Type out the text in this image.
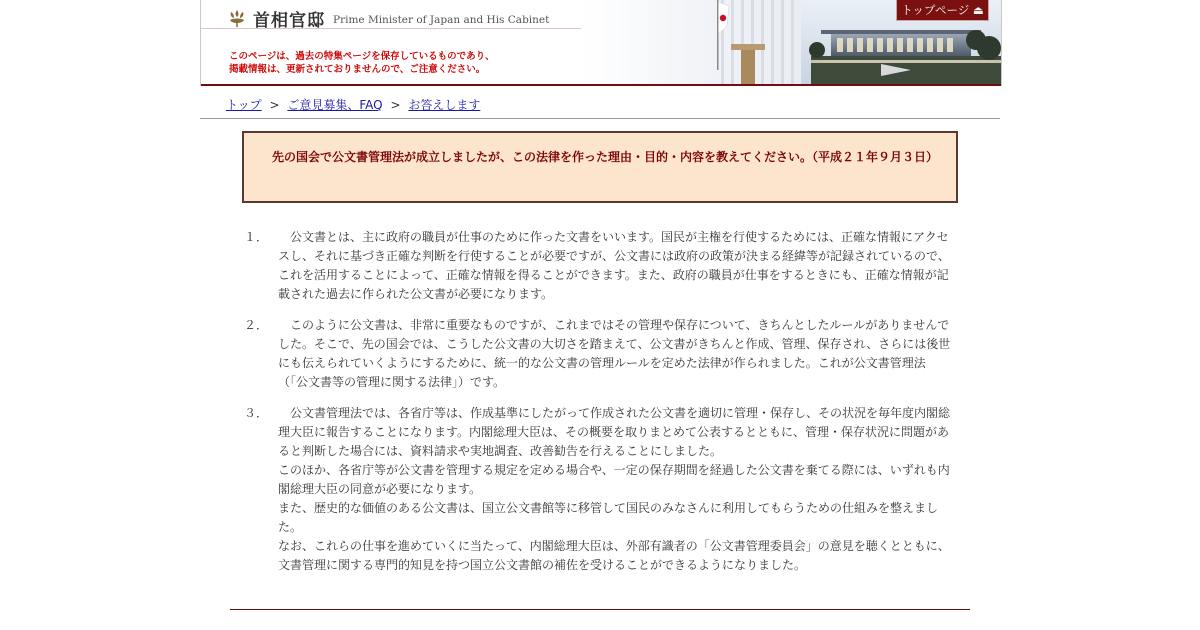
首相官邸 Prime Minister of Japan and His Cabinet
このページは、過去の特集ページを保存しているものであり、
掲載情報は、更新されておりませんので、ご注意ください。
トップページ ⏏
トップ > ご意見募集、FAQ > お答えします

先の国会で公文書管理法が成立しましたが、この法律を作った理由・目的・内容を教えてください。（平成２１年９月３日）

１．	公文書とは、主に政府の職員が仕事のために作った文書をいいます。国民が主権を行使するためには、正確な情報にアクセスし、それに基づき正確な判断を行使することが必要ですが、公文書には政府の政策が決まる経緯等が記録されているので、これを活用することによって、正確な情報を得ることができます。また、政府の職員が仕事をするときにも、正確な情報が記載された過去に作られた公文書が必要になります。

２．	このように公文書は、非常に重要なものですが、これまではその管理や保存について、きちんとしたルールがありませんでした。そこで、先の国会では、こうした公文書の大切さを踏まえて、公文書がきちんと作成、管理、保存され、さらには後世にも伝えられていくようにするために、統一的な公文書の管理ルールを定めた法律が作られました。これが公文書管理法（「公文書等の管理に関する法律」）です。

３．	公文書管理法では、各省庁等は、作成基準にしたがって作成された公文書を適切に管理・保存し、その状況を毎年度内閣総理大臣に報告することになります。内閣総理大臣は、その概要を取りまとめて公表するとともに、管理・保存状況に問題があると判断した場合には、資料請求や実地調査、改善勧告を行えることにしました。

このほか、各省庁等が公文書を管理する規定を定める場合や、一定の保存期間を経過した公文書を棄てる際には、いずれも内閣総理大臣の同意が必要になります。

また、歴史的な価値のある公文書は、国立公文書館等に移管して国民のみなさんに利用してもらうための仕組みを整えました。

なお、これらの仕事を進めていくに当たって、内閣総理大臣は、外部有識者の「公文書管理委員会」の意見を聴くとともに、文書管理に関する専門的知見を持つ国立公文書館の補佐を受けることができるようになりました。
